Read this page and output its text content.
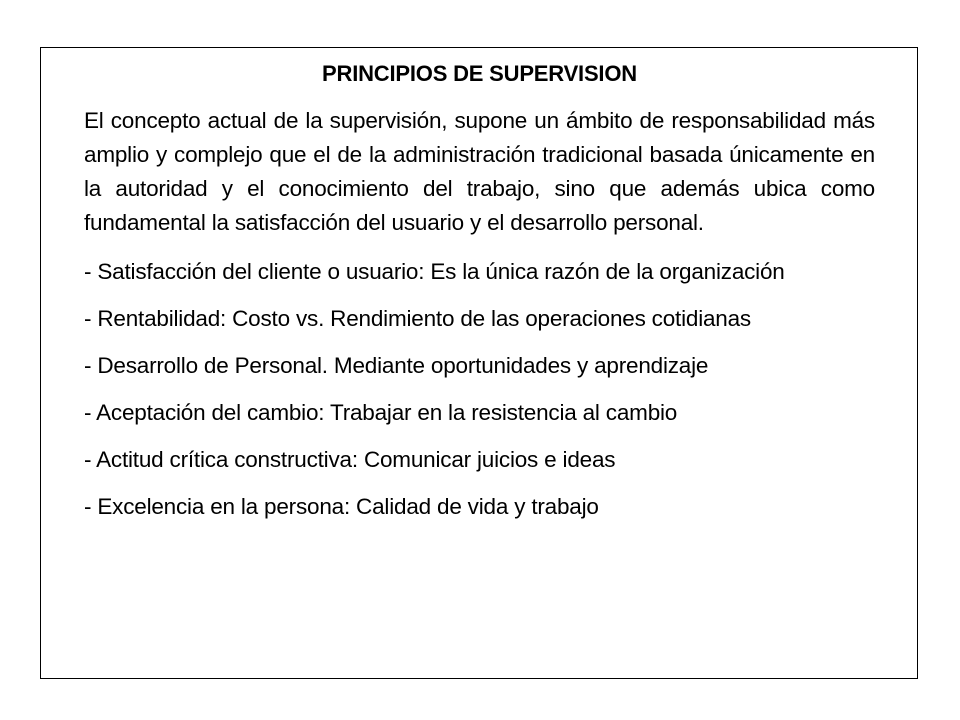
PRINCIPIOS DE SUPERVISION

El concepto actual de la supervisión, supone un ámbito de responsabilidad más amplio y complejo que el de la administración tradicional basada únicamente en la autoridad y el conocimiento del trabajo, sino que además ubica como fundamental la satisfacción del usuario y el desarrollo personal.

- Satisfacción del cliente o usuario: Es la única razón de la organización
- Rentabilidad: Costo vs. Rendimiento de las operaciones cotidianas
- Desarrollo de Personal. Mediante oportunidades y aprendizaje
- Aceptación del cambio: Trabajar en la resistencia al cambio
- Actitud crítica constructiva: Comunicar juicios e ideas
- Excelencia en la persona: Calidad de vida y trabajo
